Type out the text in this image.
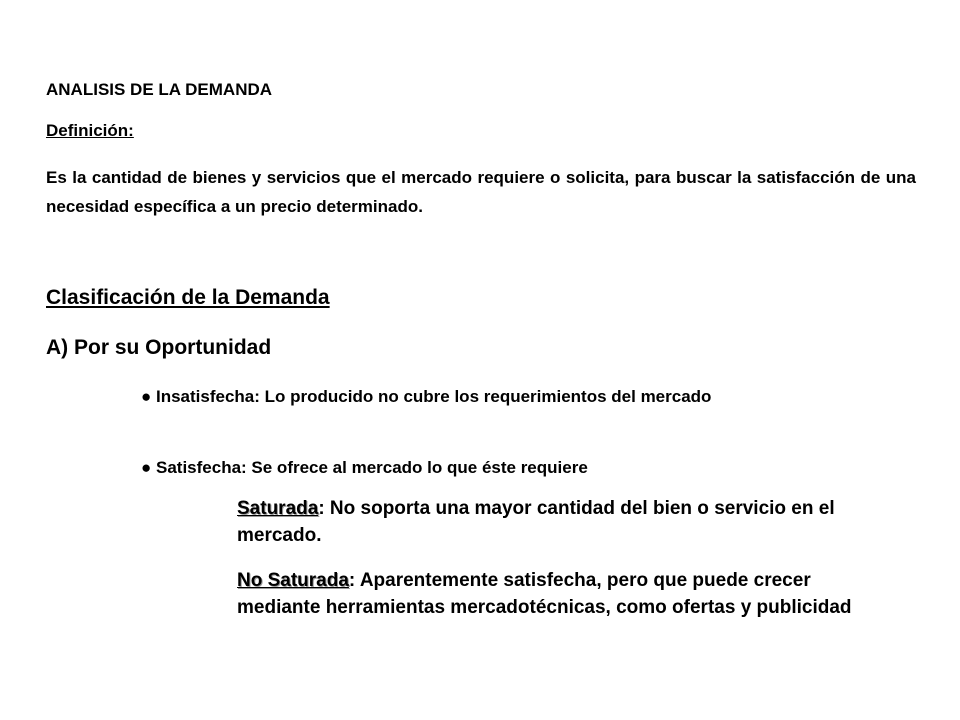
ANALISIS DE LA DEMANDA
Definición:
Es la cantidad de bienes y servicios que el mercado requiere o solicita, para buscar la satisfacción de una necesidad específica a un precio determinado.
Clasificación de la Demanda
A) Por su Oportunidad
● Insatisfecha: Lo producido no cubre los requerimientos del mercado
● Satisfecha: Se ofrece al mercado lo que éste requiere
Saturada: No soporta una mayor cantidad del bien o servicio en el mercado.
No Saturada: Aparentemente satisfecha, pero que puede crecer mediante herramientas mercadotécnicas, como ofertas y publicidad
